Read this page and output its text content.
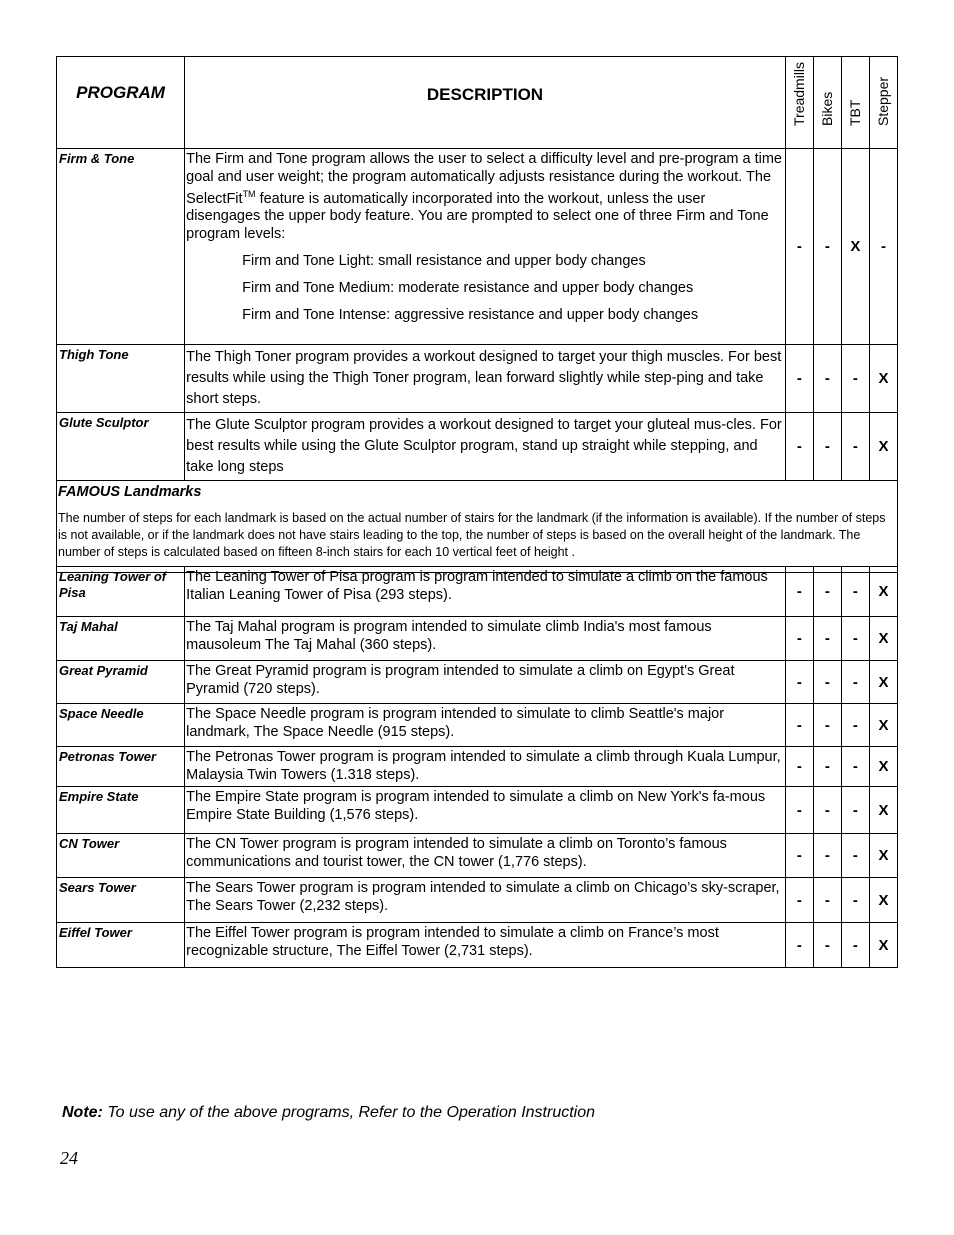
PROGRAM	DESCRIPTION	Treadmills	Bikes	TBT	Stepper

Firm & Tone	The Firm and Tone program allows the user to select a difficulty level and pre-program a time goal and user weight; the program automatically adjusts resistance during the workout. The SelectFit™ feature is automatically incorporated into the workout, unless the user disengages the upper body feature. You are prompted to select one of three Firm and Tone program levels:
Firm and Tone Light: small resistance and upper body changes
Firm and Tone Medium: moderate resistance and upper body changes
Firm and Tone Intense: aggressive resistance and upper body changes	-	-	X	-
Thigh Tone	The Thigh Toner program provides a workout designed to target your thigh muscles. For best results while using the Thigh Toner program, lean forward slightly while step-ping and take short steps.	-	-	-	X
Glute Sculptor	The Glute Sculptor program provides a workout designed to target your gluteal mus-cles. For best results while using the Glute Sculptor program, stand up straight while stepping, and take long steps	-	-	-	X

FAMOUS Landmarks
The number of steps for each landmark is based on the actual number of stairs for the landmark (if the information is available). If the number of steps is not available, or if the landmark does not have stairs leading to the top, the number of steps is based on the overall height of the landmark. The number of steps is calculated based on fifteen 8-inch stairs for each 10 vertical feet of height .					
Leaning Tower of Pisa	The Leaning Tower of Pisa program is program intended to simulate a climb on the famous Italian Leaning Tower of Pisa (293 steps).	-	-	-	X
Taj Mahal	The Taj Mahal program is program intended to simulate climb India's most famous mausoleum The Taj Mahal (360 steps).	-	-	-	X
Great Pyramid	The Great Pyramid program is program intended to simulate a climb on Egypt's Great Pyramid (720 steps).	-	-	-	X
Space Needle	The Space Needle program is program intended to simulate to climb Seattle's major landmark, The Space Needle (915 steps).	-	-	-	X
Petronas Tower	The Petronas Tower program is program intended to simulate a climb through Kuala Lumpur, Malaysia Twin Towers (1.318 steps).	-	-	-	X
Empire State	The Empire State program is program intended to simulate a climb on New York's fa-mous Empire State Building (1,576 steps).	-	-	-	X
CN Tower	The CN Tower program is program intended to simulate a climb on Toronto’s famous communications and tourist tower, the CN tower (1,776 steps).	-	-	-	X
Sears Tower	The Sears Tower program is program intended to simulate a climb on Chicago’s sky-scraper, The Sears Tower (2,232 steps).	-	-	-	X
Eiffel Tower	The Eiffel Tower program is program intended to simulate a climb on France’s most recognizable structure, The Eiffel Tower (2,731 steps).	-	-	-	X
Note: To use any of the above programs, Refer to the Operation Instruction
24
